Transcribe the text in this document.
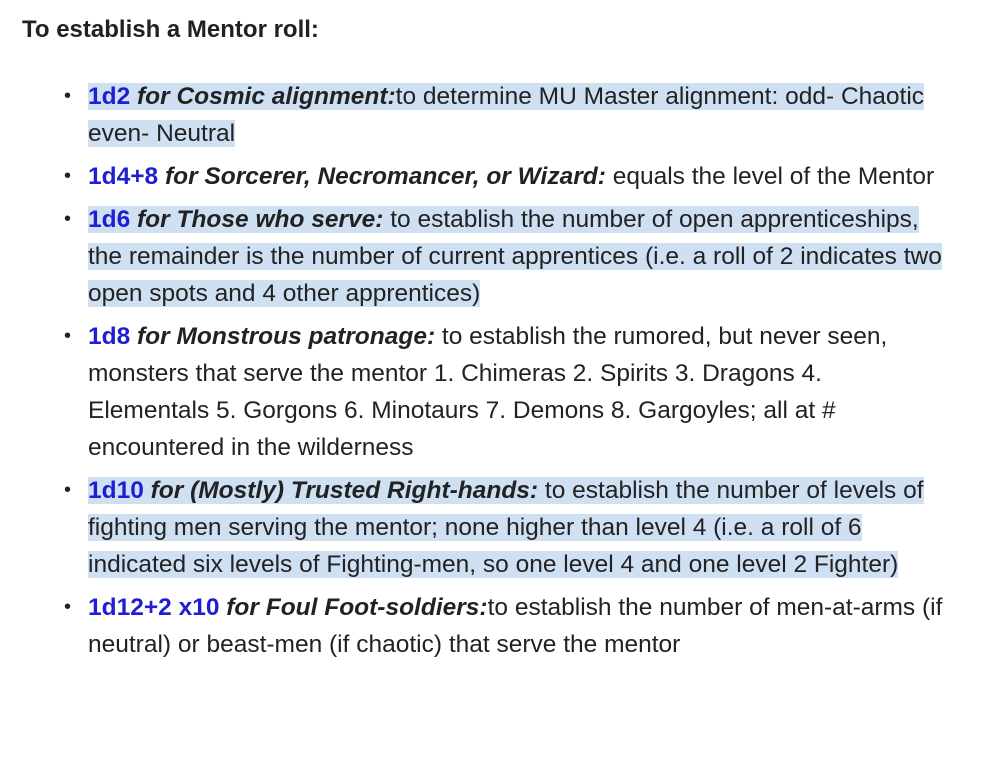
To establish a Mentor roll:
• 1d2 for Cosmic alignment:to determine MU Master alignment: odd- Chaotic even- Neutral
• 1d4+8 for Sorcerer, Necromancer, or Wizard: equals the level of the Mentor
• 1d6 for Those who serve: to establish the number of open apprenticeships, the remainder is the number of current apprentices (i.e. a roll of 2 indicates two open spots and 4 other apprentices)
• 1d8 for Monstrous patronage: to establish the rumored, but never seen, monsters that serve the mentor 1. Chimeras 2. Spirits 3. Dragons 4. Elementals 5. Gorgons 6. Minotaurs 7. Demons 8. Gargoyles; all at # encountered in the wilderness
• 1d10 for (Mostly) Trusted Right-hands: to establish the number of levels of fighting men serving the mentor; none higher than level 4 (i.e. a roll of 6 indicated six levels of Fighting-men, so one level 4 and one level 2 Fighter)
• 1d12+2 x10 for Foul Foot-soldiers:to establish the number of men-at-arms (if neutral) or beast-men (if chaotic) that serve the mentor
